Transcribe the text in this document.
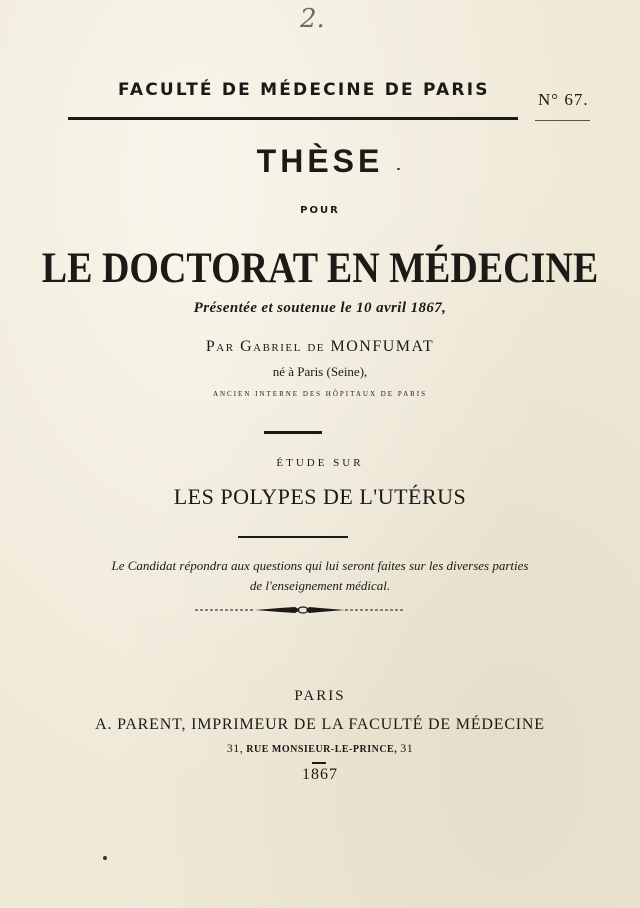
2.
FACULTÉ DE MÉDECINE DE PARIS	N° 67.
THÈSE
POUR
LE DOCTORAT EN MÉDECINE
Présentée et soutenue le 10 avril 1867,
Par Gabriel de MONFUMAT
né à Paris (Seine),
ANCIEN INTERNE DES HÔPITAUX DE PARIS
ÉTUDE SUR
LES POLYPES DE L'UTÉRUS
Le Candidat répondra aux questions qui lui seront faites sur les diverses parties
de l'enseignement médical.
PARIS
A. PARENT, IMPRIMEUR DE LA FACULTÉ DE MÉDECINE
31, RUE MONSIEUR-LE-PRINCE, 31
1867
